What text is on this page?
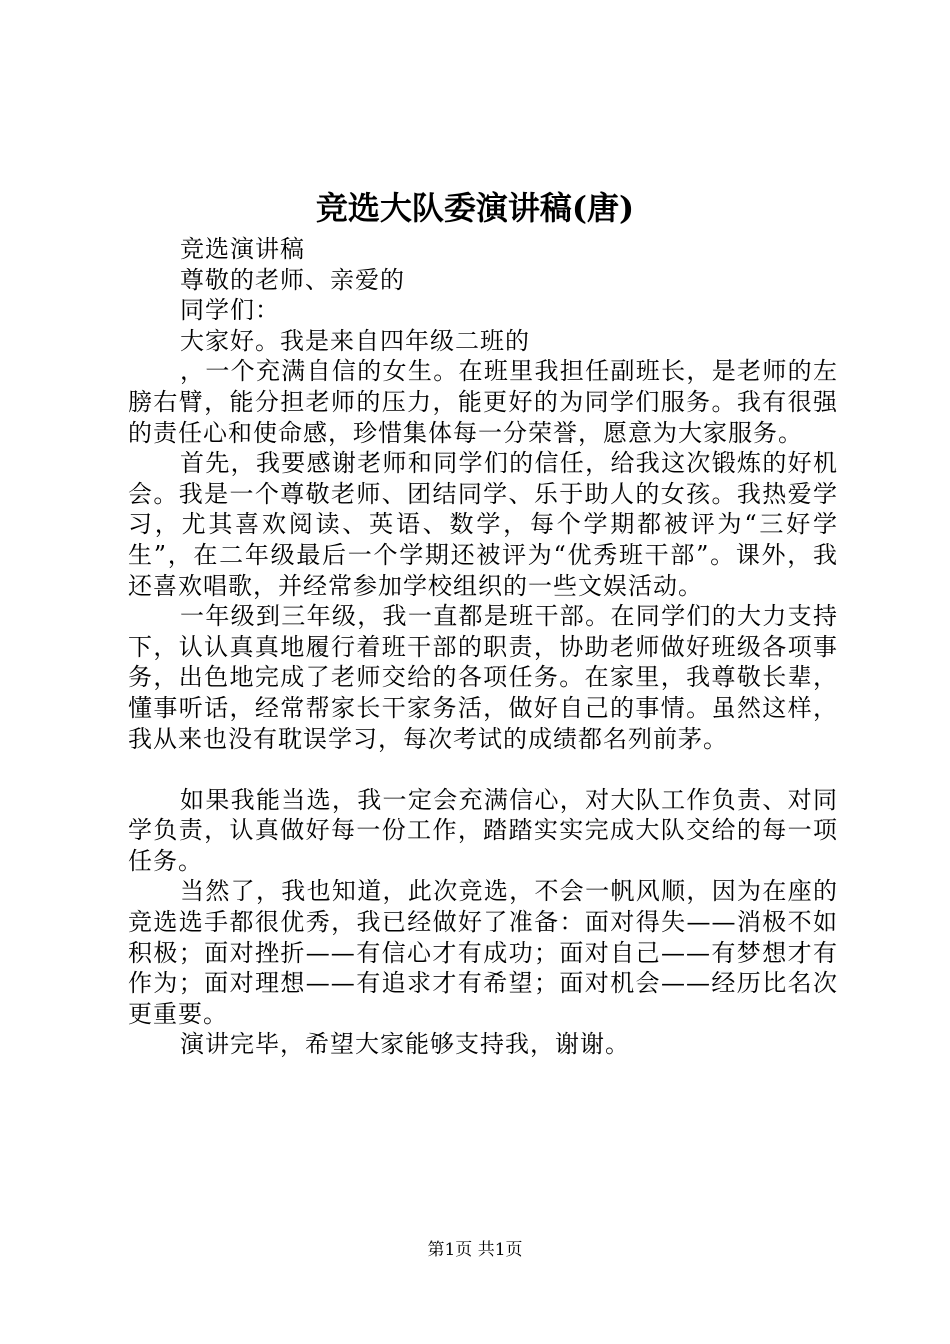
竞选大队委演讲稿(唐)

竞选演讲稿

尊敬的老师、亲爱的

同学们：

大家好。我是来自四年级二班的

，一个充满自信的女生。在班里我担任副班长，是老师的左膀右臂，能分担老师的压力，能更好的为同学们服务。我有很强的责任心和使命感，珍惜集体每一分荣誉，愿意为大家服务。

首先，我要感谢老师和同学们的信任，给我这次锻炼的好机会。我是一个尊敬老师、团结同学、乐于助人的女孩。我热爱学习，尤其喜欢阅读、英语、数学，每个学期都被评为“三好学生”，在二年级最后一个学期还被评为“优秀班干部”。课外，我还喜欢唱歌，并经常参加学校组织的一些文娱活动。

一年级到三年级，我一直都是班干部。在同学们的大力支持下，认认真真地履行着班干部的职责，协助老师做好班级各项事务，出色地完成了老师交给的各项任务。在家里，我尊敬长辈，懂事听话，经常帮家长干家务活，做好自己的事情。虽然这样，我从来也没有耽误学习，每次考试的成绩都名列前茅。

如果我能当选，我一定会充满信心，对大队工作负责、对同学负责，认真做好每一份工作，踏踏实实完成大队交给的每一项任务。

当然了，我也知道，此次竞选，不会一帆风顺，因为在座的竞选选手都很优秀，我已经做好了准备：面对得失——消极不如积极；面对挫折——有信心才有成功；面对自己——有梦想才有作为；面对理想——有追求才有希望；面对机会——经历比名次更重要。

演讲完毕，希望大家能够支持我，谢谢。

第1页 共1页
